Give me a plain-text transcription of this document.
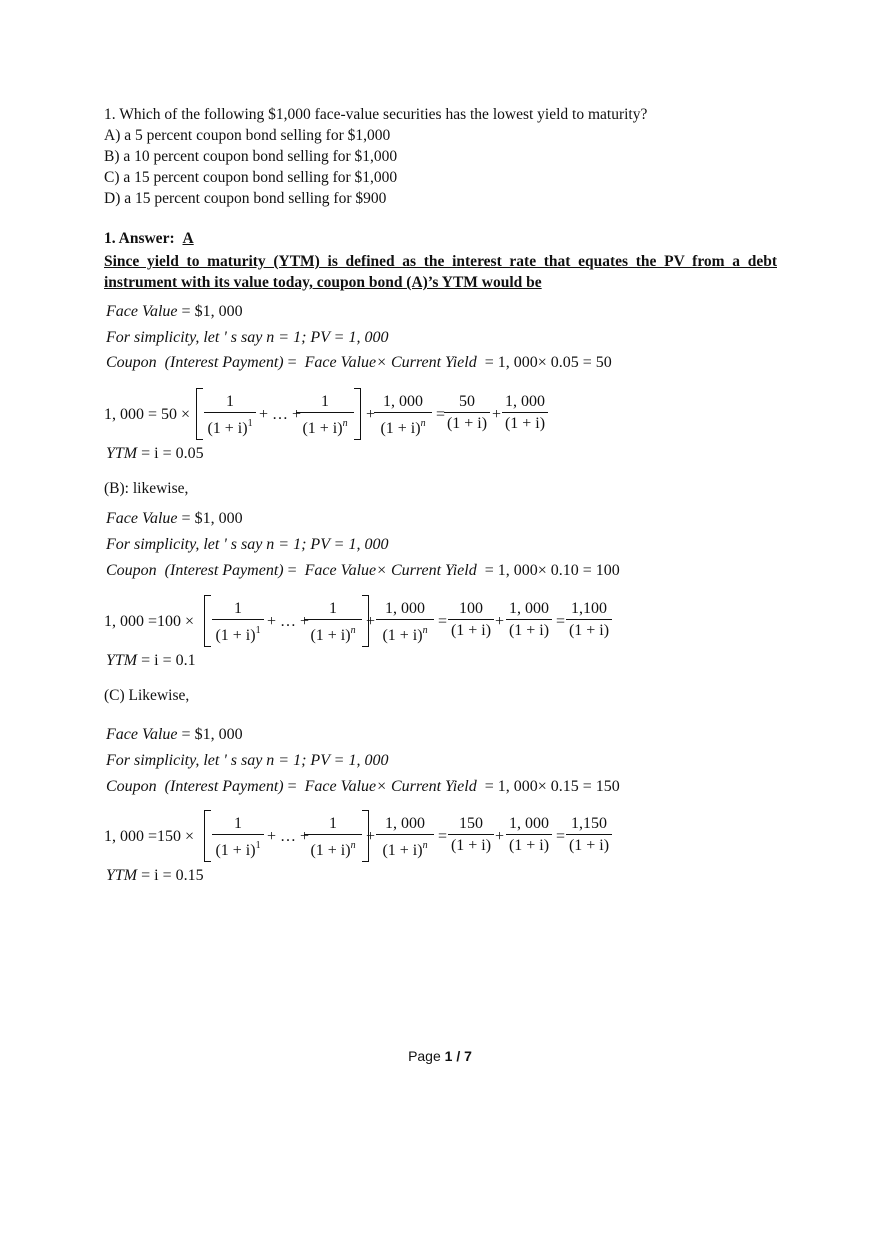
1. Which of the following $1,000 face-value securities has the lowest yield to maturity?
A) a 5 percent coupon bond selling for $1,000
B) a 10 percent coupon bond selling for $1,000
C) a 15 percent coupon bond selling for $1,000
D) a 15 percent coupon bond selling for $900
1. Answer: A
Since yield to maturity (YTM) is defined as the interest rate that equates the PV from a debt instrument with its value today, coupon bond (A)’s YTM would be
Face Value = $1, 000
For simplicity, let ' s say n = 1; PV = 1, 000
Coupon (Interest Payment) =  Face Value× Current Yield = 1, 000× 0.05 = 50
1, 000 = 50 ×
1
$(1 + i)^1$
+ … +
1
$(1 + i)^n$
+
1, 000
$(1 + i)^n$
=
50
(1 + i)
+
1, 000
(1 + i)
YTM = i = 0.05
(B): likewise,
Face Value = $1, 000
For simplicity, let ' s say n = 1; PV = 1, 000
Coupon (Interest Payment) =  Face Value× Current Yield = 1, 000× 0.10 = 100
1, 000 =100 ×
1
$(1 + i)^1$
+ … +
1
$(1 + i)^n$
+
1, 000
$(1 + i)^n$
=
100
(1 + i)
+
1, 000
(1 + i)
=
1,100
(1 + i)
YTM = i = 0.1
(C) Likewise,
Face Value = $1, 000
For simplicity, let ' s say n = 1; PV = 1, 000
Coupon (Interest Payment) =  Face Value× Current Yield = 1, 000× 0.15 = 150
1, 000 =150 ×
1
$(1 + i)^1$
+ … +
1
$(1 + i)^n$
+
1, 000
$(1 + i)^n$
=
150
(1 + i)
+
1, 000
(1 + i)
=
1,150
(1 + i)
YTM = i = 0.15
Page 1 / 7
